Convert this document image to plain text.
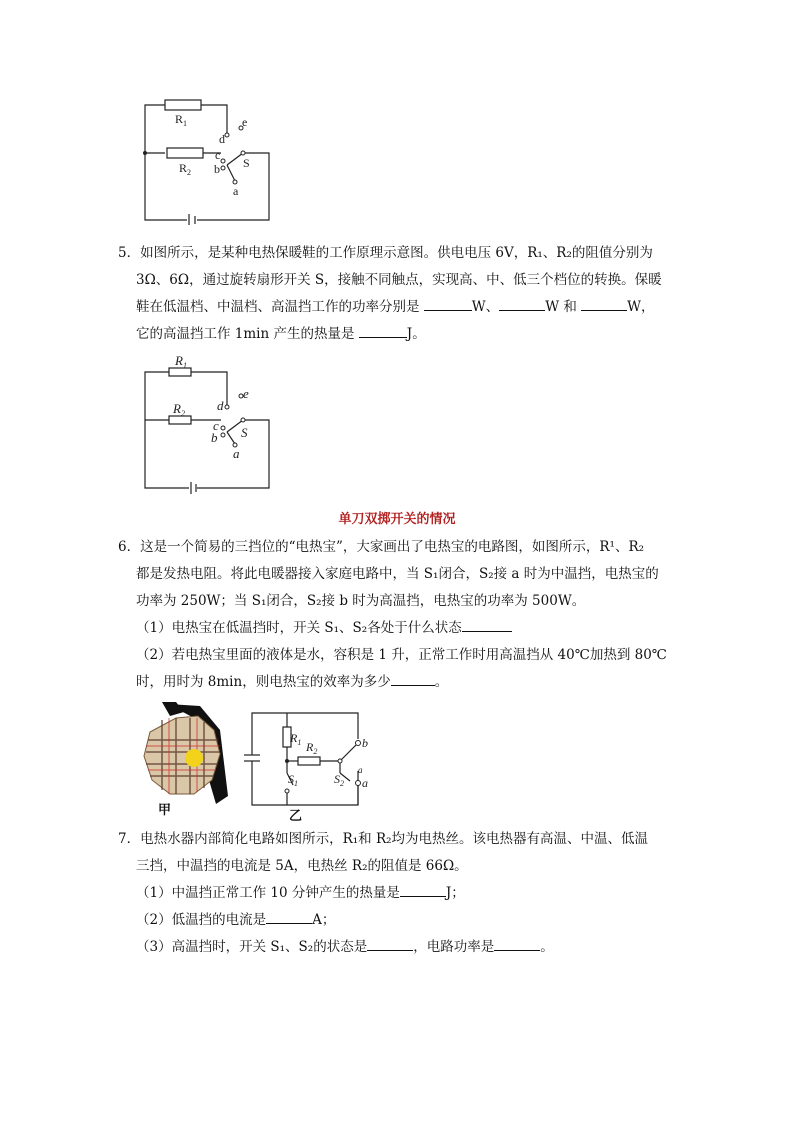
$R_1$
$R_2$
d
e
c
b
a
S
5．如图所示，是某种电热保暖鞋的工作原理示意图。供电电压 6V，R₁、R₂的阻值分别为
3Ω、6Ω，通过旋转扇形开关 S，接触不同触点，实现高、中、低三个档位的转换。保暖
鞋在低温档、中温档、高温挡工作的功率分别是	W、	W 和	W，
它的高温挡工作 1min 产生的热量是	J。
$R_1$
$R_2$
d
e
c
b
a
S
单刀双掷开关的情况
6．这是一个简易的三挡位的“电热宝”，大家画出了电热宝的电路图，如图所示，R¹、R₂
都是发热电阻。将此电暖器接入家庭电路中，当 S₁闭合，S₂接 a 时为中温挡，电热宝的
功率为 250W；当 S₁闭合，S₂接 b 时为高温挡，电热宝的功率为 500W。
（1）电热宝在低温挡时，开关 S₁、S₂各处于什么状态
（2）若电热宝里面的液体是水，容积是 1 升，正常工作时用高温挡从 40℃加热到 80℃
时，用时为 8min，则电热宝的效率为多少	。
甲
$R_1$ $R_2$
$S_1$	$S_2$
b
a
a
乙
7．电热水器内部简化电路如图所示，R₁和 R₂均为电热丝。该电热器有高温、中温、低温
三挡，中温挡的电流是 5A，电热丝 R₂的阻值是 66Ω。
（1）中温挡正常工作 10 分钟产生的热量是	J；
（2）低温挡的电流是	A；
（3）高温挡时，开关 S₁、S₂的状态是	，电路功率是	。
